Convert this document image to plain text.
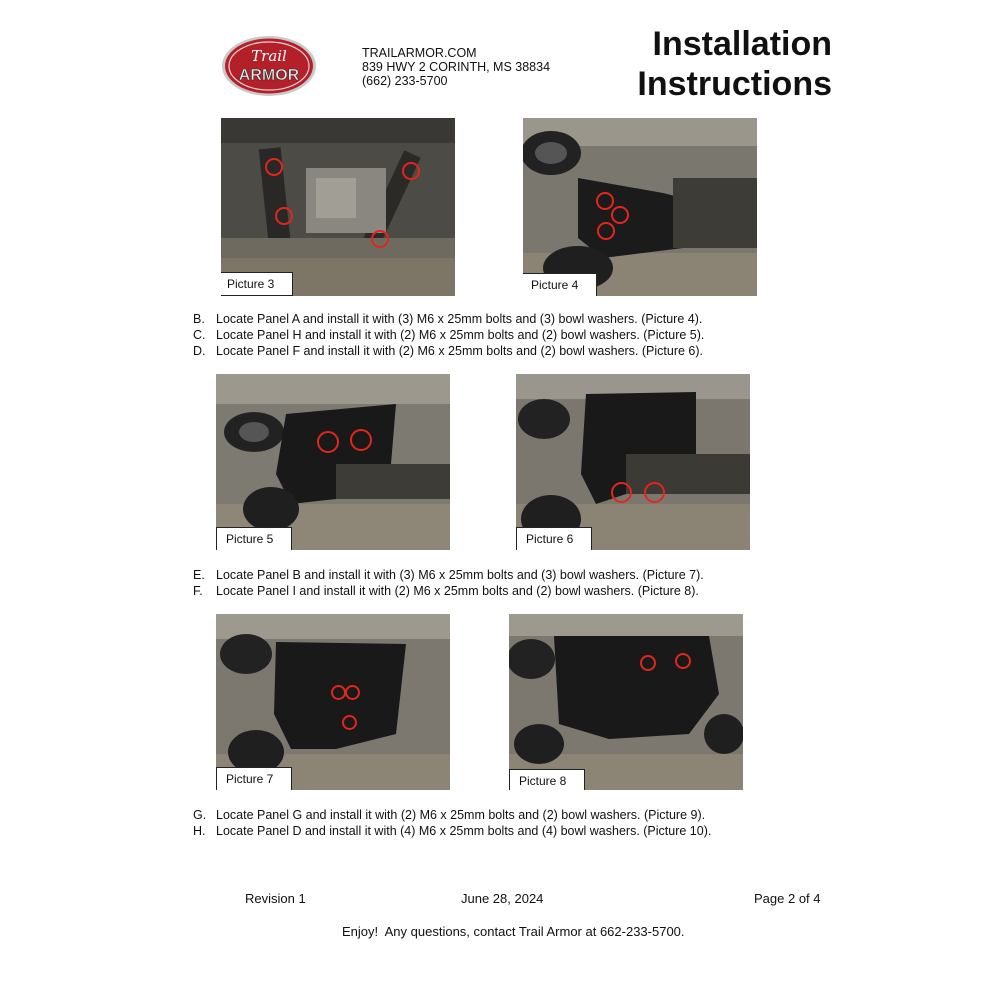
Trail
ARMOR
TRAILARMOR.COM
839 HWY 2 CORINTH, MS 38834
(662) 233-5700
Installation
Instructions
Picture 3	Picture 4
B. Locate Panel A and install it with (3) M6 x 25mm bolts and (3) bowl washers. (Picture 4).
C. Locate Panel H and install it with (2) M6 x 25mm bolts and (2) bowl washers. (Picture 5).
D. Locate Panel F and install it with (2) M6 x 25mm bolts and (2) bowl washers. (Picture 6).
Picture 5	Picture 6
E. Locate Panel B and install it with (3) M6 x 25mm bolts and (3) bowl washers. (Picture 7).
F.	Locate Panel I and install it with (2) M6 x 25mm bolts and (2) bowl washers. (Picture 8).
Picture 7	Picture 8
G. Locate Panel G and install it with (2) M6 x 25mm bolts and (2) bowl washers. (Picture 9).
H. Locate Panel D and install it with (4) M6 x 25mm bolts and (4) bowl washers. (Picture 10).
Revision 1	June 28, 2024	Page 2 of 4
Enjoy!  Any questions, contact Trail Armor at 662-233-5700.
